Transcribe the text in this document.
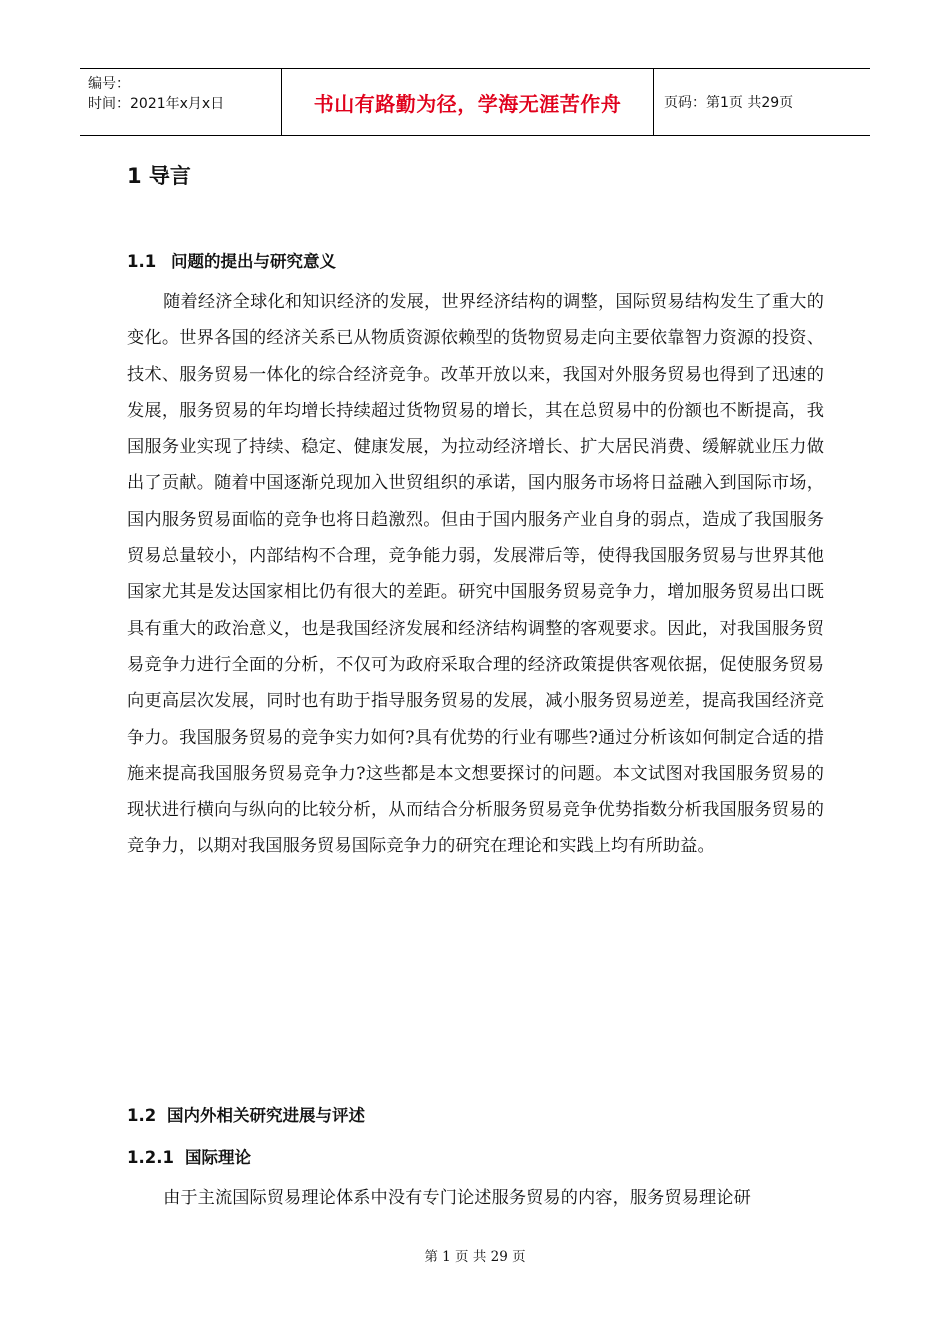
编号：
时间：2021年x月x日	书山有路勤为径，学海无涯苦作舟	页码：第1页 共29页
1 导言
1.1 问题的提出与研究意义

随着经济全球化和知识经济的发展，世界经济结构的调整，国际贸易结构发生了重大的变化。世界各国的经济关系已从物质资源依赖型的货物贸易走向主要依靠智力资源的投资、技术、服务贸易一体化的综合经济竞争。改革开放以来，我国对外服务贸易也得到了迅速的发展，服务贸易的年均增长持续超过货物贸易的增长，其在总贸易中的份额也不断提高，我国服务业实现了持续、稳定、健康发展，为拉动经济增长、扩大居民消费、缓解就业压力做出了贡献。随着中国逐渐兑现加入世贸组织的承诺，国内服务市场将日益融入到国际市场，国内服务贸易面临的竞争也将日趋激烈。但由于国内服务产业自身的弱点，造成了我国服务贸易总量较小，内部结构不合理，竞争能力弱，发展滞后等，使得我国服务贸易与世界其他国家尤其是发达国家相比仍有很大的差距。研究中国服务贸易竞争力，增加服务贸易出口既具有重大的政治意义，也是我国经济发展和经济结构调整的客观要求。因此，对我国服务贸易竞争力进行全面的分析，不仅可为政府采取合理的经济政策提供客观依据，促使服务贸易向更高层次发展，同时也有助于指导服务贸易的发展，减小服务贸易逆差，提高我国经济竞争力。我国服务贸易的竞争实力如何?具有优势的行业有哪些?通过分析该如何制定合适的措施来提高我国服务贸易竞争力?这些都是本文想要探讨的问题。本文试图对我国服务贸易的现状进行横向与纵向的比较分析，从而结合分析服务贸易竞争优势指数分析我国服务贸易的竞争力，以期对我国服务贸易国际竞争力的研究在理论和实践上均有所助益。

1.2 国内外相关研究进展与评述
1.2.1 国际理论

由于主流国际贸易理论体系中没有专门论述服务贸易的内容，服务贸易理论研

第 1 页 共 29 页
